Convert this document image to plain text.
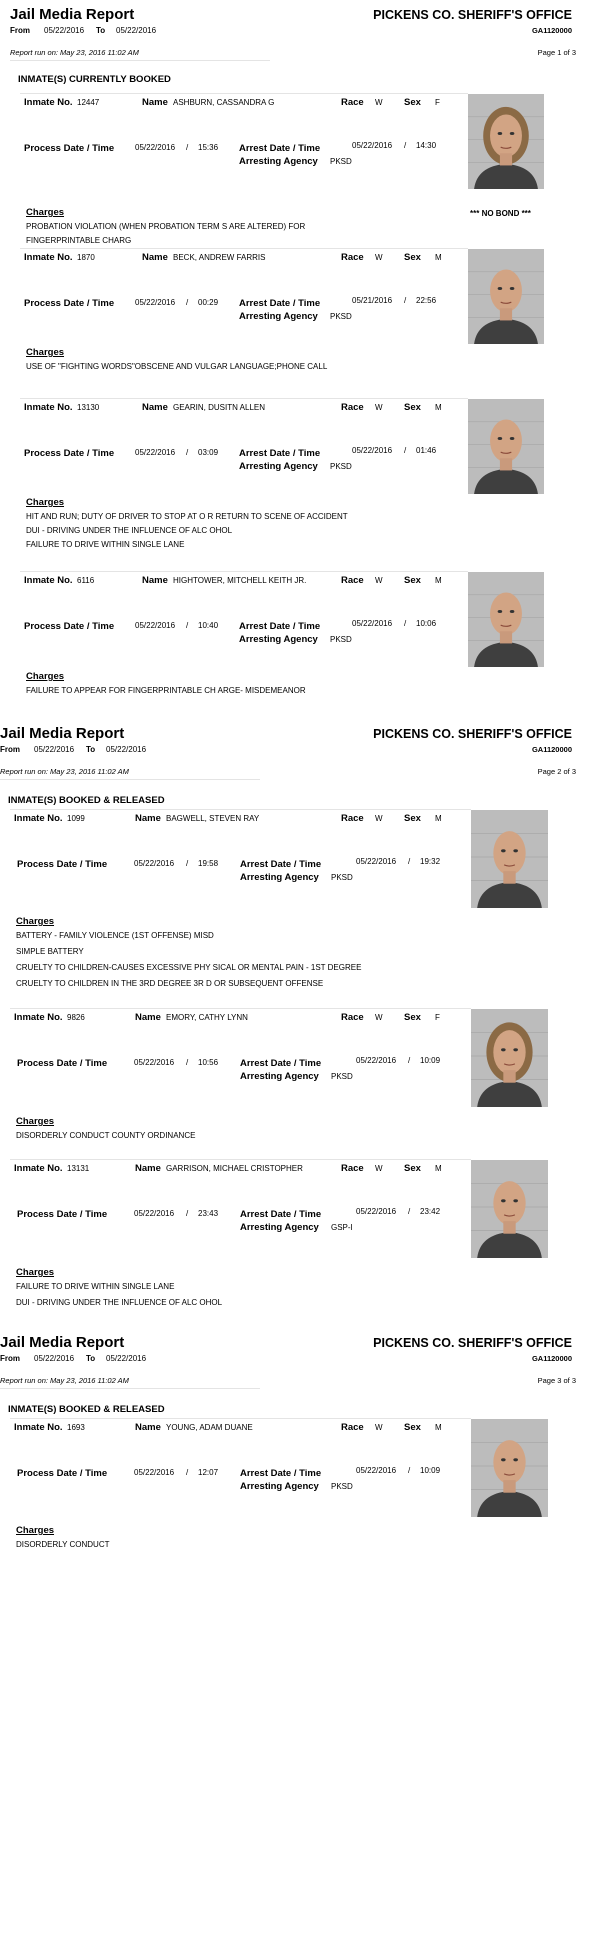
Jail Media Report	PICKENS CO. SHERIFF'S OFFICE
From 05/22/2016 To 05/22/2016	GA1120000
Report run on: May 23, 2016 11:02 AM	Page 1 of 3
INMATE(S) CURRENTLY BOOKED
Inmate No. 12447	Name ASHBURN, CASSANDRA G	Race W Sex F
Process Date / Time	05/22/2016 / 15:36 Arrest Date / Time	05/22/2016 / 14:30
Arresting Agency PKSD
Charges
PROBATION VIOLATION (WHEN PROBATION TERM S ARE ALTERED) FOR
FINGERPRINTABLE CHARG
*** NO BOND ***
Inmate No. 1870	Name BECK, ANDREW FARRIS	Race W Sex M
Process Date / Time	05/22/2016 / 00:29 Arrest Date / Time	05/21/2016 / 22:56
Arresting Agency PKSD
Charges
USE OF "FIGHTING WORDS"OBSCENE AND VULGAR LANGUAGE;PHONE CALL
Inmate No. 13130	Name GEARIN, DUSITN ALLEN	Race W Sex M
Process Date / Time	05/22/2016 / 03:09 Arrest Date / Time	05/22/2016 / 01:46
Arresting Agency PKSD
Charges
HIT AND RUN; DUTY OF DRIVER TO STOP AT O R RETURN TO SCENE OF ACCIDENT
DUI - DRIVING UNDER THE INFLUENCE OF ALC OHOL
FAILURE TO DRIVE WITHIN SINGLE LANE
Inmate No. 6116	Name HIGHTOWER, MITCHELL KEITH JR.	Race W Sex M
Process Date / Time	05/22/2016 / 10:40 Arrest Date / Time	05/22/2016 / 10:06
Arresting Agency PKSD
Charges
FAILURE TO APPEAR FOR FINGERPRINTABLE CH ARGE- MISDEMEANOR
Jail Media Report	PICKENS CO. SHERIFF'S OFFICE
From 05/22/2016 To 05/22/2016	GA1120000
Report run on: May 23, 2016 11:02 AM	Page 2 of 3
INMATE(S) BOOKED & RELEASED
Inmate No. 1099	Name BAGWELL, STEVEN RAY	Race W Sex M
Process Date / Time	05/22/2016 / 19:58 Arrest Date / Time	05/22/2016 / 19:32
Arresting Agency PKSD
Charges
BATTERY - FAMILY VIOLENCE (1ST OFFENSE) MISD
SIMPLE BATTERY
CRUELTY TO CHILDREN-CAUSES EXCESSIVE PHY SICAL OR MENTAL PAIN - 1ST DEGREE
CRUELTY TO CHILDREN IN THE 3RD DEGREE 3R D OR SUBSEQUENT OFFENSE
Inmate No. 9826	Name EMORY, CATHY LYNN	Race W Sex F
Process Date / Time	05/22/2016 / 10:56 Arrest Date / Time	05/22/2016 / 10:09
Arresting Agency PKSD
Charges
DISORDERLY CONDUCT COUNTY ORDINANCE
Inmate No. 13131	Name GARRISON, MICHAEL CRISTOPHER	Race W Sex M
Process Date / Time	05/22/2016 / 23:43 Arrest Date / Time	05/22/2016 / 23:42
Arresting Agency GSP-I
Charges
FAILURE TO DRIVE WITHIN SINGLE LANE
DUI - DRIVING UNDER THE INFLUENCE OF ALC OHOL
Jail Media Report	PICKENS CO. SHERIFF'S OFFICE
From 05/22/2016 To 05/22/2016	GA1120000
Report run on: May 23, 2016 11:02 AM	Page 3 of 3
INMATE(S) BOOKED & RELEASED
Inmate No. 1693	Name YOUNG, ADAM DUANE	Race W Sex M
Process Date / Time	05/22/2016 / 12:07 Arrest Date / Time	05/22/2016 / 10:09
Arresting Agency PKSD
Charges
DISORDERLY CONDUCT
